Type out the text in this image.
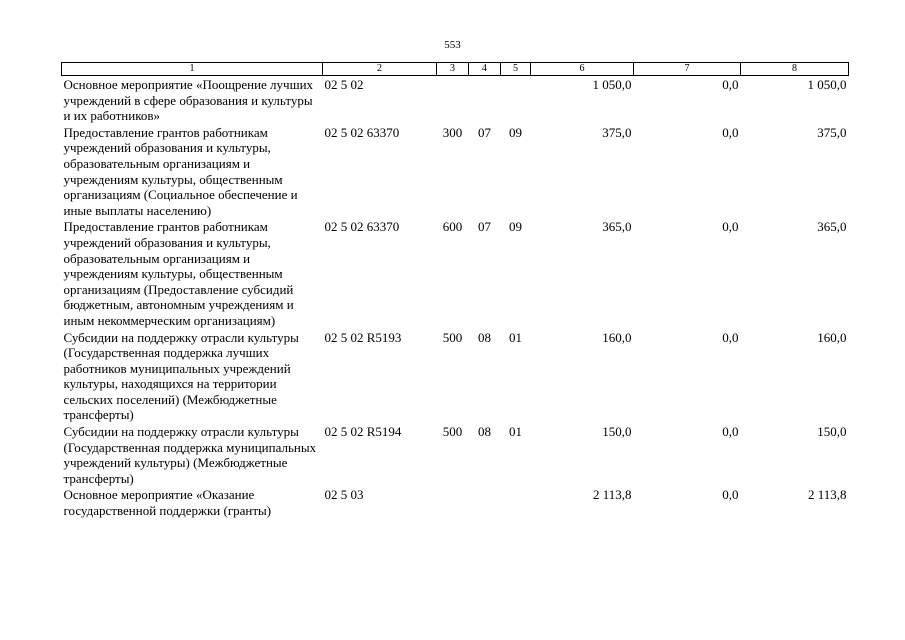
553
1	2	3	4	5	6	7	8
Основное мероприятие «Поощрение лучших учреждений в сфере образования и культуры и их работников»	02 5 02				1 050,0	0,0	1 050,0
Предоставление грантов работникам учреждений образования и культуры, образовательным организациям и учреждениям культуры, общественным организациям (Социальное обеспечение и иные выплаты населению)	02 5 02 63370	300	07	09	375,0	0,0	375,0
Предоставление грантов работникам учреждений образования и культуры, образовательным организациям и учреждениям культуры, общественным организациям (Предоставление субсидий бюджетным, автономным учреждениям и иным некоммерческим организациям)	02 5 02 63370	600	07	09	365,0	0,0	365,0
Субсидии на поддержку отрасли культуры (Государственная поддержка лучших работников муниципальных учреждений культуры, находящихся на территории сельских поселений) (Межбюджетные трансферты)	02 5 02 R5193	500	08	01	160,0	0,0	160,0
Субсидии на поддержку отрасли культуры (Государственная поддержка муниципальных учреждений культуры) (Межбюджетные трансферты)	02 5 02 R5194	500	08	01	150,0	0,0	150,0
Основное мероприятие «Оказание государственной поддержки (гранты)	02 5 03				2 113,8	0,0	2 113,8
